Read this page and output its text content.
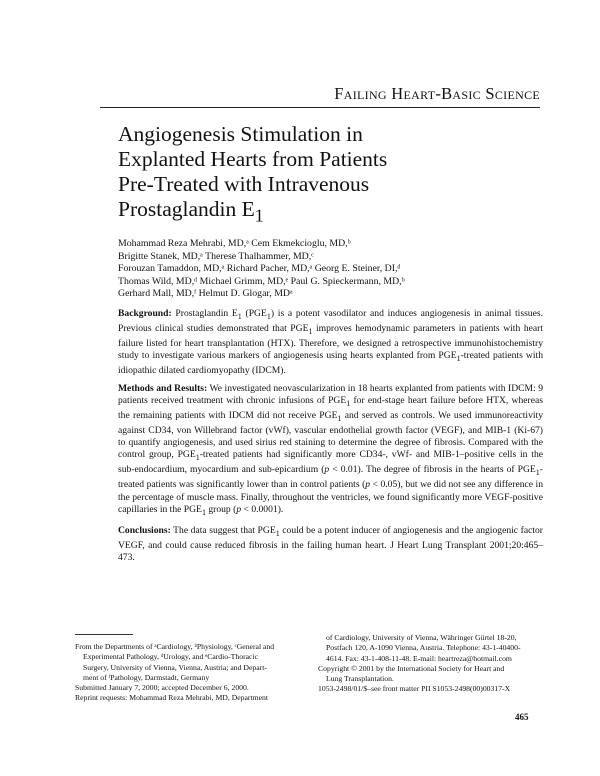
Failing Heart-Basic Science
Angiogenesis Stimulation in
Explanted Hearts from Patients
Pre-Treated with Intravenous
Prostaglandin $E_1$
Mohammad Reza Mehrabi, MD,ᵃ Cem Ekmekcioglu, MD,ᵇ
Brigitte Stanek, MD,ᵃ Therese Thalhammer, MD,ᶜ
Forouzan Tamaddon, MD,ᵃ Richard Pacher, MD,ᵃ Georg E. Steiner, DI,ᵈ
Thomas Wild, MD,ᵈ Michael Grimm, MD,ᵉ Paul G. Spieckermann, MD,ᵇ
Gerhard Mall, MD,ᶠ Helmut D. Glogar, MDᵃ

Background: Prostaglandin $E_1$ $(PGE_1)$ is a potent vasodilator and induces angiogenesis in animal tissues. Previous clinical studies demonstrated that $PGE_1$ improves hemodynamic parameters in patients with heart failure listed for heart transplantation (HTX). Therefore, we designed a retrospective immunohistochemistry study to investigate various markers of angiogenesis using hearts explanted from $PGE_1$-treated patients with idiopathic dilated cardiomyopathy (IDCM).

Methods and Results: We investigated neovascularization in 18 hearts explanted from patients with IDCM: 9 patients received treatment with chronic infusions of $PGE_1$ for end-stage heart failure before HTX, whereas the remaining patients with IDCM did not receive $PGE_1$ and served as controls. We used immunoreactivity against CD34, von Willebrand factor (vWf), vascular endothelial growth factor (VEGF), and MIB-1 (Ki-67) to quantify angiogenesis, and used sirius red staining to determine the degree of fibrosis. Compared with the control group, $PGE_1$-treated patients had significantly more CD34-, vWf- and MIB-1–positive cells in the sub-endocardium, myocardium and sub-epicardium (p < 0.01). The degree of fibrosis in the hearts of $PGE_1$-treated patients was significantly lower than in control patients (p < 0.05), but we did not see any difference in the percentage of muscle mass. Finally, throughout the ventricles, we found significantly more VEGF-positive capillaries in the $PGE_1$ group (p < 0.0001).

Conclusions: The data suggest that $PGE_1$ could be a potent inducer of angiogenesis and the angiogenic factor VEGF, and could cause reduced fibrosis in the failing human heart. J Heart Lung Transplant 2001;20:465–473.

From the Departments of ᵃCardiology, ᵇPhysiology, ᶜGeneral and
Experimental Pathology, ᵈUrology, and ᵉCardio-Thoracic
Surgery, University of Vienna, Vienna, Austria; and Depart-
ment of ᶠPathology, Darmstadt, Germany
Submitted January 7, 2000; accepted December 6, 2000.
Reprint requests: Mohammad Reza Mehrabi, MD, Department
of Cardiology, University of Vienna, Währinger Gürtel 18-20,
Postfach 120, A-1090 Vienna, Austria. Telephone: 43-1-40400-
4614. Fax: 43-1-408-11-48. E-mail: heartreza@hotmail.com
Copyright © 2001 by the International Society for Heart and
Lung Transplantation.
1053-2498/01/$–see front matter PII S1053-2498(00)00317-X
465
